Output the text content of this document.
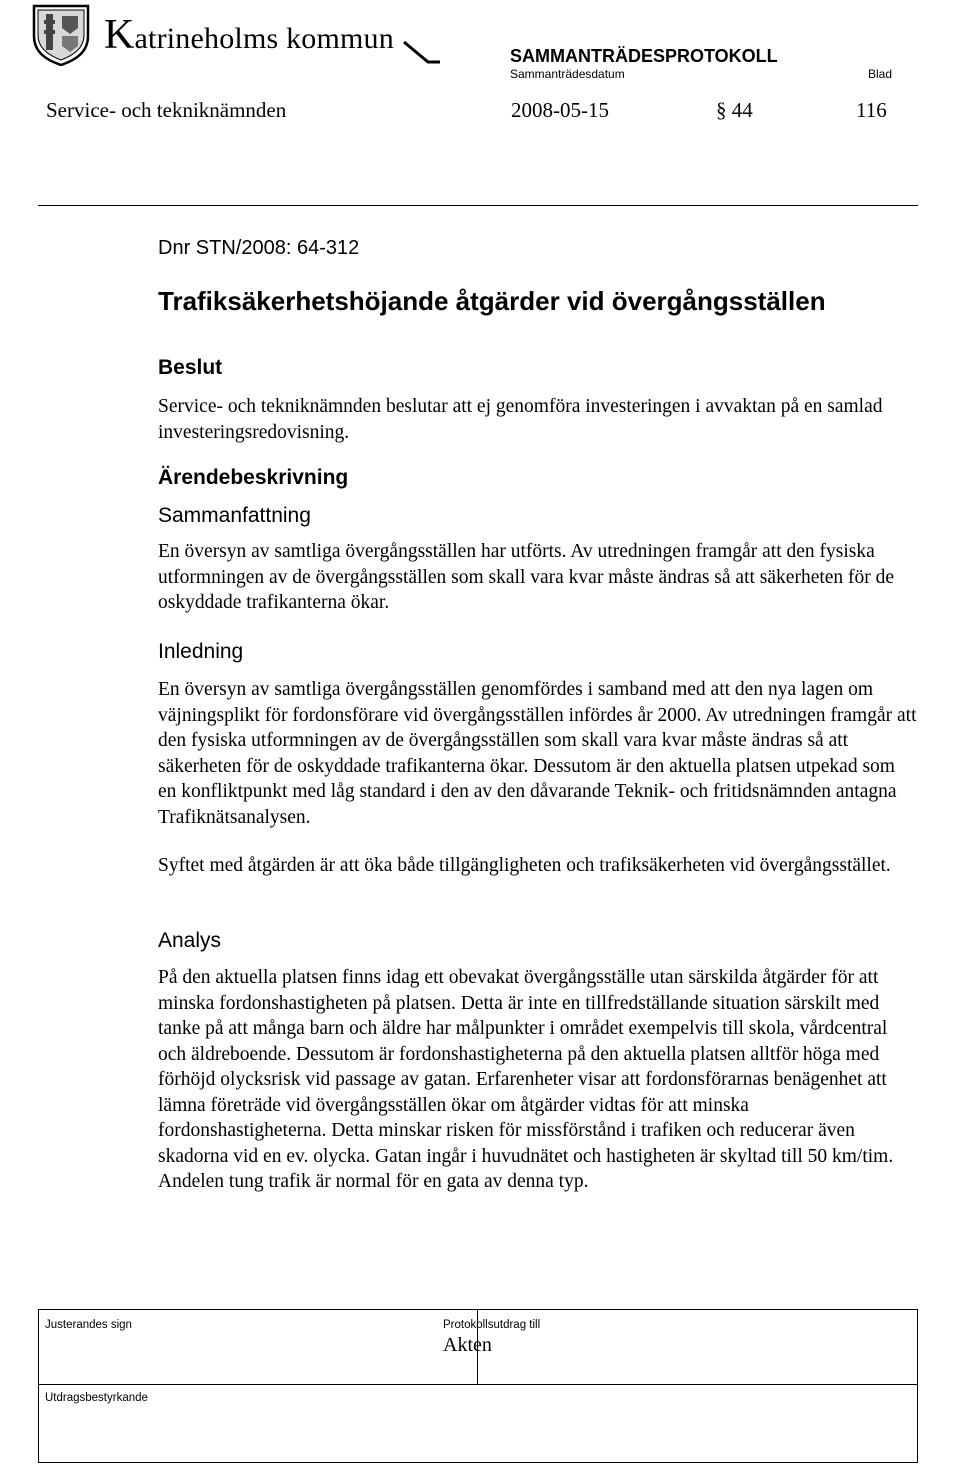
Katrineholms kommun
SAMMANTRÄDESPROTOKOLL
Sammanträdesdatum	Blad
Service- och tekniknämnden	2008-05-15	§ 44	116
Dnr STN/2008: 64-312
Trafiksäkerhetshöjande åtgärder vid övergångsställen
Beslut

Service- och tekniknämnden beslutar att ej genomföra investeringen i avvaktan på en samlad investeringsredovisning.

Ärendebeskrivning
Sammanfattning

En översyn av samtliga övergångsställen har utförts. Av utredningen framgår att den fysiska utformningen av de övergångsställen som skall vara kvar måste ändras så att säkerheten för de oskyddade trafikanterna ökar.

Inledning

En översyn av samtliga övergångsställen genomfördes i samband med att den nya lagen om väjningsplikt för fordonsförare vid övergångsställen infördes år 2000. Av utredningen framgår att den fysiska utformningen av de övergångsställen som skall vara kvar måste ändras så att säkerheten för de oskyddade trafikanterna ökar. Dessutom är den aktuella platsen utpekad som en konfliktpunkt med låg standard i den av den dåvarande Teknik- och fritidsnämnden antagna Trafiknätsanalysen.

Syftet med åtgärden är att öka både tillgängligheten och trafiksäkerheten vid övergångsstället.

Analys

På den aktuella platsen finns idag ett obevakat övergångsställe utan särskilda åtgärder för att minska fordonshastigheten på platsen. Detta är inte en tillfredställande situation särskilt med tanke på att många barn och äldre har målpunkter i området exempelvis till skola, vårdcentral och äldreboende. Dessutom är fordonshastigheterna på den aktuella platsen alltför höga med förhöjd olycksrisk vid passage av gatan. Erfarenheter visar att fordonsförarnas benägenhet att lämna företräde vid övergångsställen ökar om åtgärder vidtas för att minska fordonshastigheterna. Detta minskar risken för missförstånd i trafiken och reducerar även skadorna vid en ev. olycka. Gatan ingår i huvudnätet och hastigheten är skyltad till 50 km/tim. Andelen tung trafik är normal för en gata av denna typ.

Justerandes sign	Protokollsutdrag till
Akten
Utdragsbestyrkande
